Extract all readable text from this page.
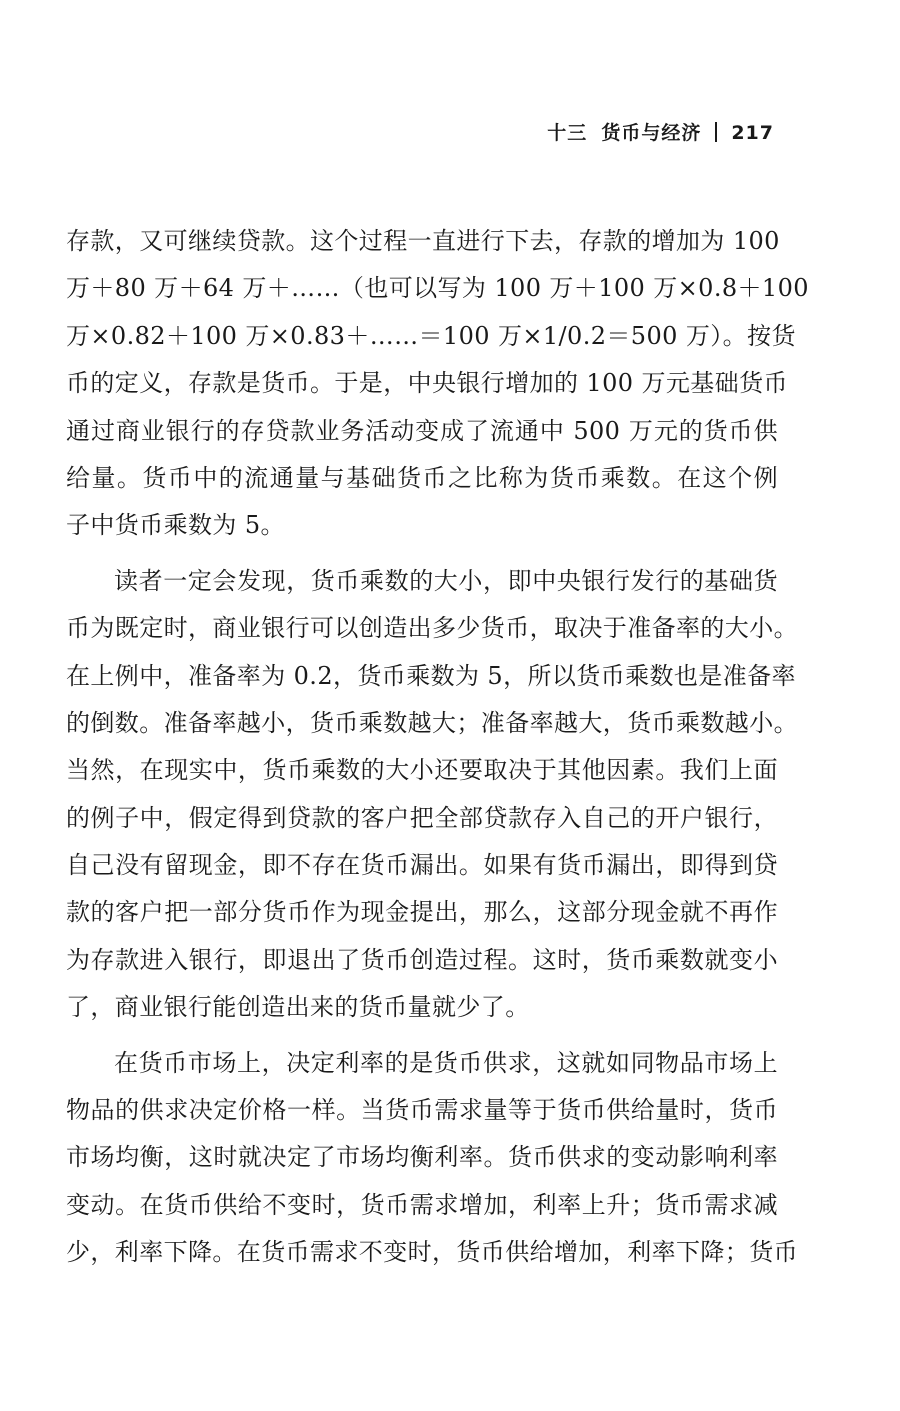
十三 货币与经济 217
存款，又可继续贷款。这个过程一直进行下去，存款的增加为 100
万＋80 万＋64 万＋……（也可以写为 100 万＋100 万×0.8＋100
万×0.82＋100 万×0.83＋……＝100 万×1/0.2＝500 万）。按货
币的定义，存款是货币。于是，中央银行增加的 100 万元基础货币
通过商业银行的存贷款业务活动变成了流通中 500 万元的货币供
给量。货币中的流通量与基础货币之比称为货币乘数。在这个例
子中货币乘数为 5。
读者一定会发现，货币乘数的大小，即中央银行发行的基础货
币为既定时，商业银行可以创造出多少货币，取决于准备率的大小。
在上例中，准备率为 0.2，货币乘数为 5，所以货币乘数也是准备率
的倒数。准备率越小，货币乘数越大；准备率越大，货币乘数越小。
当然，在现实中，货币乘数的大小还要取决于其他因素。我们上面
的例子中，假定得到贷款的客户把全部贷款存入自己的开户银行，
自己没有留现金，即不存在货币漏出。如果有货币漏出，即得到贷
款的客户把一部分货币作为现金提出，那么，这部分现金就不再作
为存款进入银行，即退出了货币创造过程。这时，货币乘数就变小
了，商业银行能创造出来的货币量就少了。
在货币市场上，决定利率的是货币供求，这就如同物品市场上
物品的供求决定价格一样。当货币需求量等于货币供给量时，货币
市场均衡，这时就决定了市场均衡利率。货币供求的变动影响利率
变动。在货币供给不变时，货币需求增加，利率上升；货币需求减
少，利率下降。在货币需求不变时，货币供给增加，利率下降；货币
